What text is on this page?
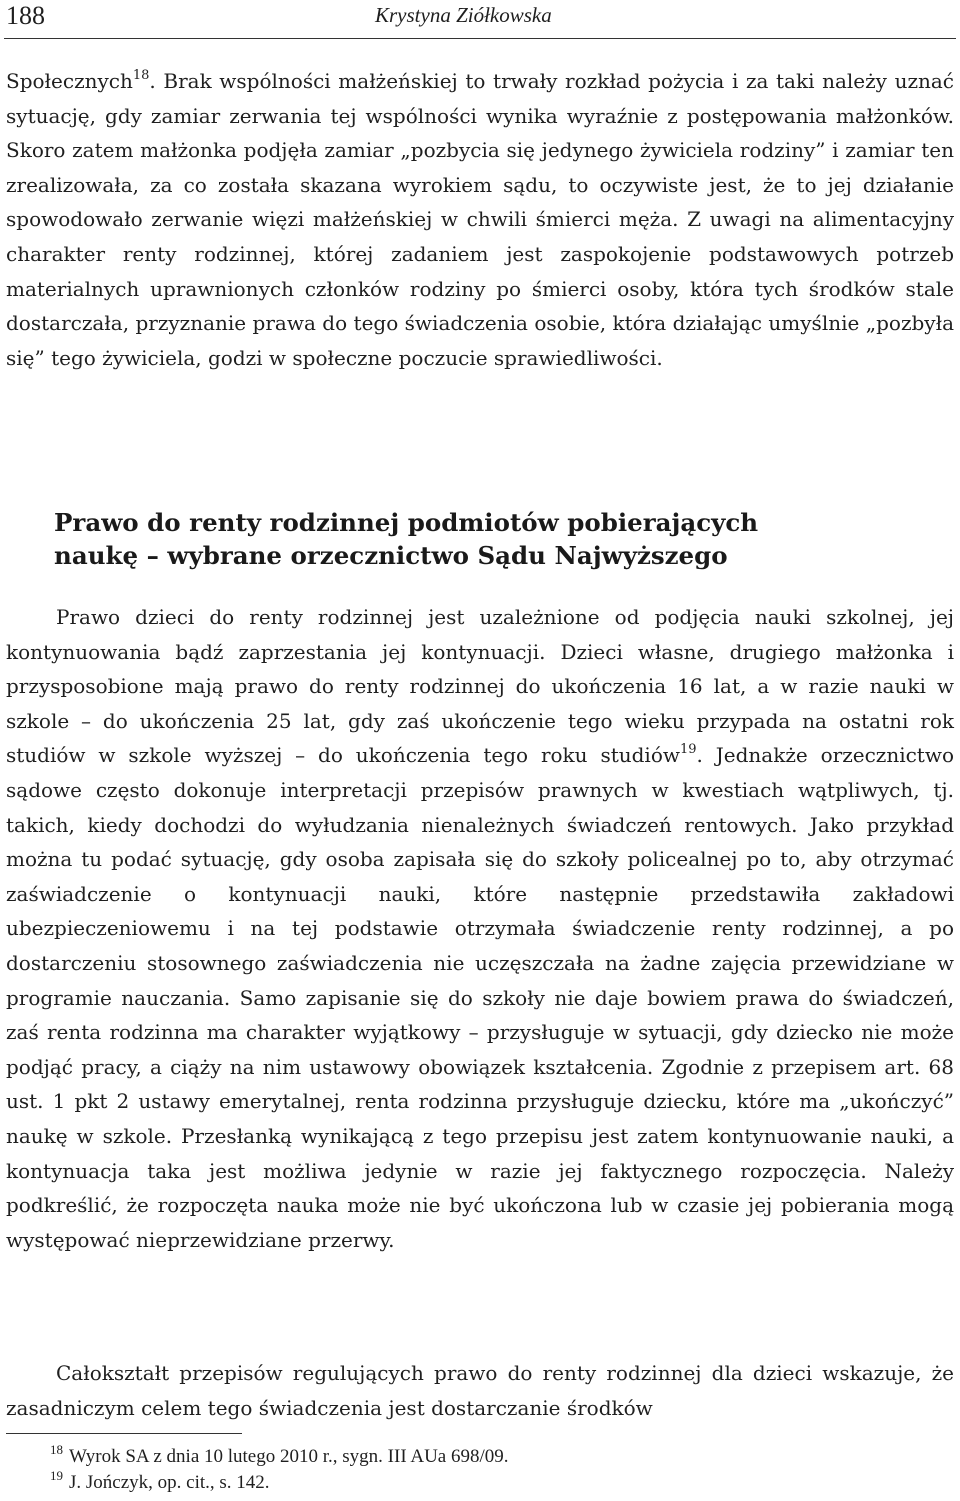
188	Krystyna Ziółkowska

Społecznych$^{18}$. Brak wspólności małżeńskiej to trwały rozkład pożycia i za taki należy uznać sytuację, gdy zamiar zerwania tej wspólności wynika wyraźnie z postępowania małżonków. Skoro zatem małżonka podjęła zamiar „pozbycia się jedynego żywiciela rodziny” i zamiar ten zrealizowała, za co została skazana wyrokiem sądu, to oczywiste jest, że to jej działanie spowodowało zerwanie więzi małżeńskiej w chwili śmierci męża. Z uwagi na alimentacyjny charakter renty rodzinnej, której zadaniem jest zaspokojenie podstawowych potrzeb materialnych uprawnionych członków rodziny po śmierci osoby, która tych środków stale dostarczała, przyznanie prawa do tego świadczenia osobie, która działając umyślnie „pozbyła się” tego żywiciela, godzi w społeczne poczucie sprawiedliwości.

Prawo do renty rodzinnej podmiotów pobierających
naukę – wybrane orzecznictwo Sądu Najwyższego

Prawo dzieci do renty rodzinnej jest uzależnione od podjęcia nauki szkolnej, jej kontynuowania bądź zaprzestania jej kontynuacji. Dzieci własne, drugiego małżonka i przysposobione mają prawo do renty rodzinnej do ukończenia 16 lat, a w razie nauki w szkole – do ukończenia 25 lat, gdy zaś ukończenie tego wieku przypada na ostatni rok studiów w szkole wyższej – do ukończenia tego roku studiów$^{19}$. Jednakże orzecznictwo sądowe często dokonuje interpretacji przepisów prawnych w kwestiach wątpliwych, tj. takich, kiedy dochodzi do wyłudzania nienależnych świadczeń rentowych. Jako przykład można tu podać sytuację, gdy osoba zapisała się do szkoły policealnej po to, aby otrzymać zaświadczenie o kontynuacji nauki, które następnie przedstawiła zakładowi ubezpieczeniowemu i na tej podstawie otrzymała świadczenie renty rodzinnej, a po dostarczeniu stosownego zaświadczenia nie uczęszczała na żadne zajęcia przewidziane w programie nauczania. Samo zapisanie się do szkoły nie daje bowiem prawa do świadczeń, zaś renta rodzinna ma charakter wyjątkowy – przysługuje w sytuacji, gdy dziecko nie może podjąć pracy, a ciąży na nim ustawowy obowiązek kształcenia. Zgodnie z przepisem art. 68 ust. 1 pkt 2 ustawy emerytalnej, renta rodzinna przysługuje dziecku, które ma „ukończyć” naukę w szkole. Przesłanką wynikającą z tego przepisu jest zatem kontynuowanie nauki, a kontynuacja taka jest możliwa jedynie w razie jej faktycznego rozpoczęcia. Należy podkreślić, że rozpoczęta nauka może nie być ukończona lub w czasie jej pobierania mogą występować nieprzewidziane przerwy.

Całokształt przepisów regulujących prawo do renty rodzinnej dla dzieci wskazuje, że zasadniczym celem tego świadczenia jest dostarczanie środków

$^{18}$ Wyrok SA z dnia 10 lutego 2010 r., sygn. III AUa 698/09.

$^{19}$ J. Jończyk, op. cit., s. 142.
